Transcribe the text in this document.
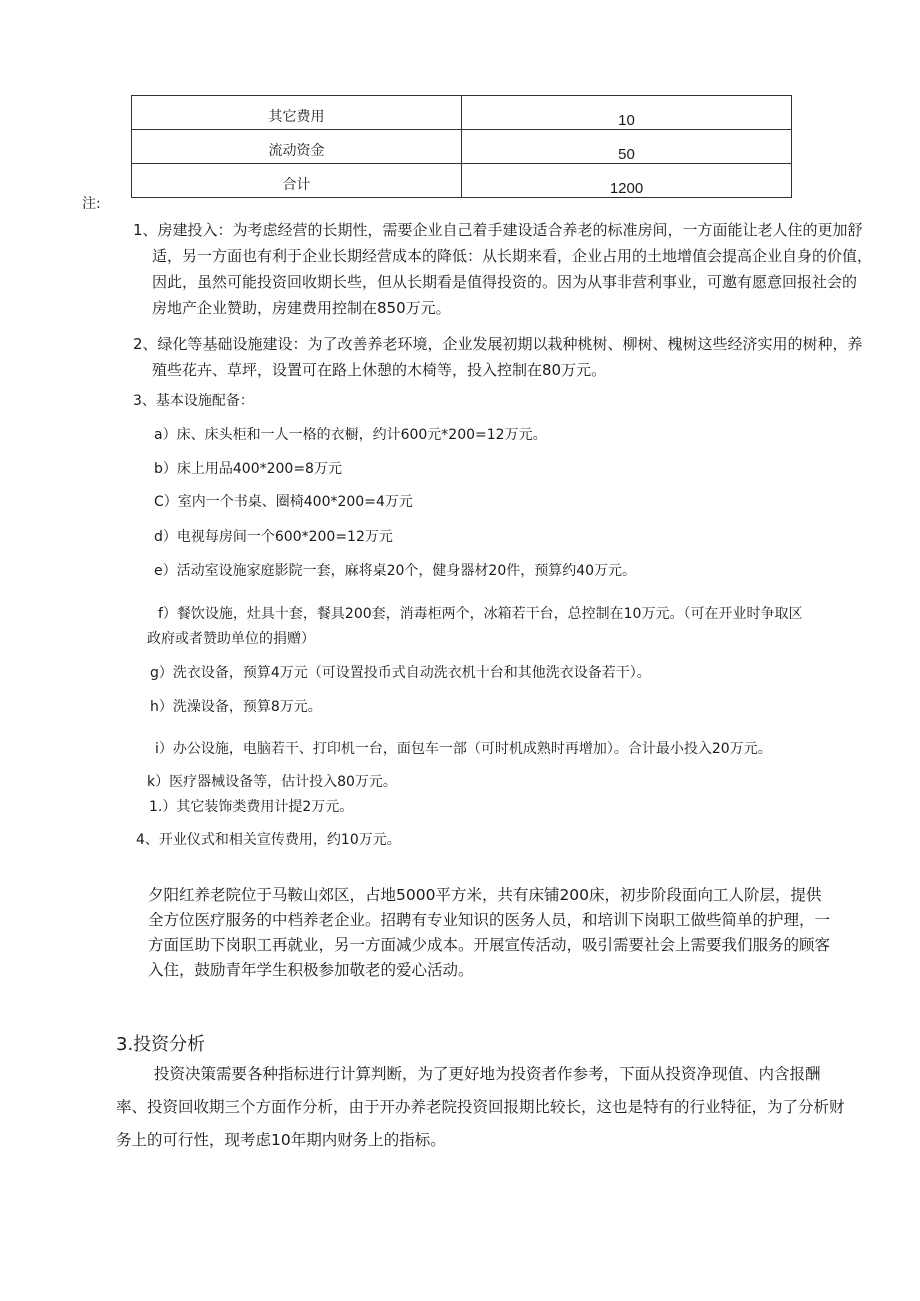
其它费用	10
流动资金	50
合计	1200
注:
1、房建投入：为考虑经营的长期性，需要企业自己着手建设适合养老的标准房间，一方面能让老人住的更加舒
适，另一方面也有利于企业长期经营成本的降低：从长期来看，企业占用的土地增值会提高企业自身的价值，
因此，虽然可能投资回收期长些，但从长期看是值得投资的。因为从事非营利事业，可邀有愿意回报社会的
房地产企业赞助，房建费用控制在850万元。
2、绿化等基础设施建设：为了改善养老环境，企业发展初期以栽种桃树、柳树、槐树这些经济实用的树种，养
殖些花卉、草坪，设置可在路上休憩的木椅等，投入控制在80万元。
3、基本设施配备：
a）床、床头柜和一人一格的衣橱，约计600元*200=12万元。
b）床上用品400*200=8万元
C）室内一个书桌、圈椅400*200=4万元
d）电视每房间一个600*200=12万元
e）活动室设施家庭影院一套，麻将桌20个，健身器材20件，预算约40万元。
f）餐饮设施，灶具十套，餐具200套，消毒柜两个，冰箱若干台，总控制在10万元。（可在开业时争取区
政府或者赞助单位的捐赠）
g）洗衣设备，预算4万元（可设置投币式自动洗衣机十台和其他洗衣设备若干）。
h）洗澡设备，预算8万元。
i）办公设施，电脑若干、打印机一台，面包车一部（可时机成熟时再增加）。合计最小投入20万元。
k）医疗器械设备等，估计投入80万元。
1.）其它装饰类费用计提2万元。
4、开业仪式和相关宣传费用，约10万元。
夕阳红养老院位于马鞍山郊区，占地5000平方米，共有床铺200床，初步阶段面向工人阶层，提供
全方位医疗服务的中档养老企业。招聘有专业知识的医务人员，和培训下岗职工做些简单的护理，一
方面匡助下岗职工再就业，另一方面减少成本。开展宣传活动，吸引需要社会上需要我们服务的顾客
入住，鼓励青年学生积极参加敬老的爱心活动。
3.投资分析
投资决策需要各种指标进行计算判断，为了更好地为投资者作参考，下面从投资净现值、内含报酬
率、投资回收期三个方面作分析，由于开办养老院投资回报期比较长，这也是特有的行业特征，为了分析财
务上的可行性，现考虑10年期内财务上的指标。
